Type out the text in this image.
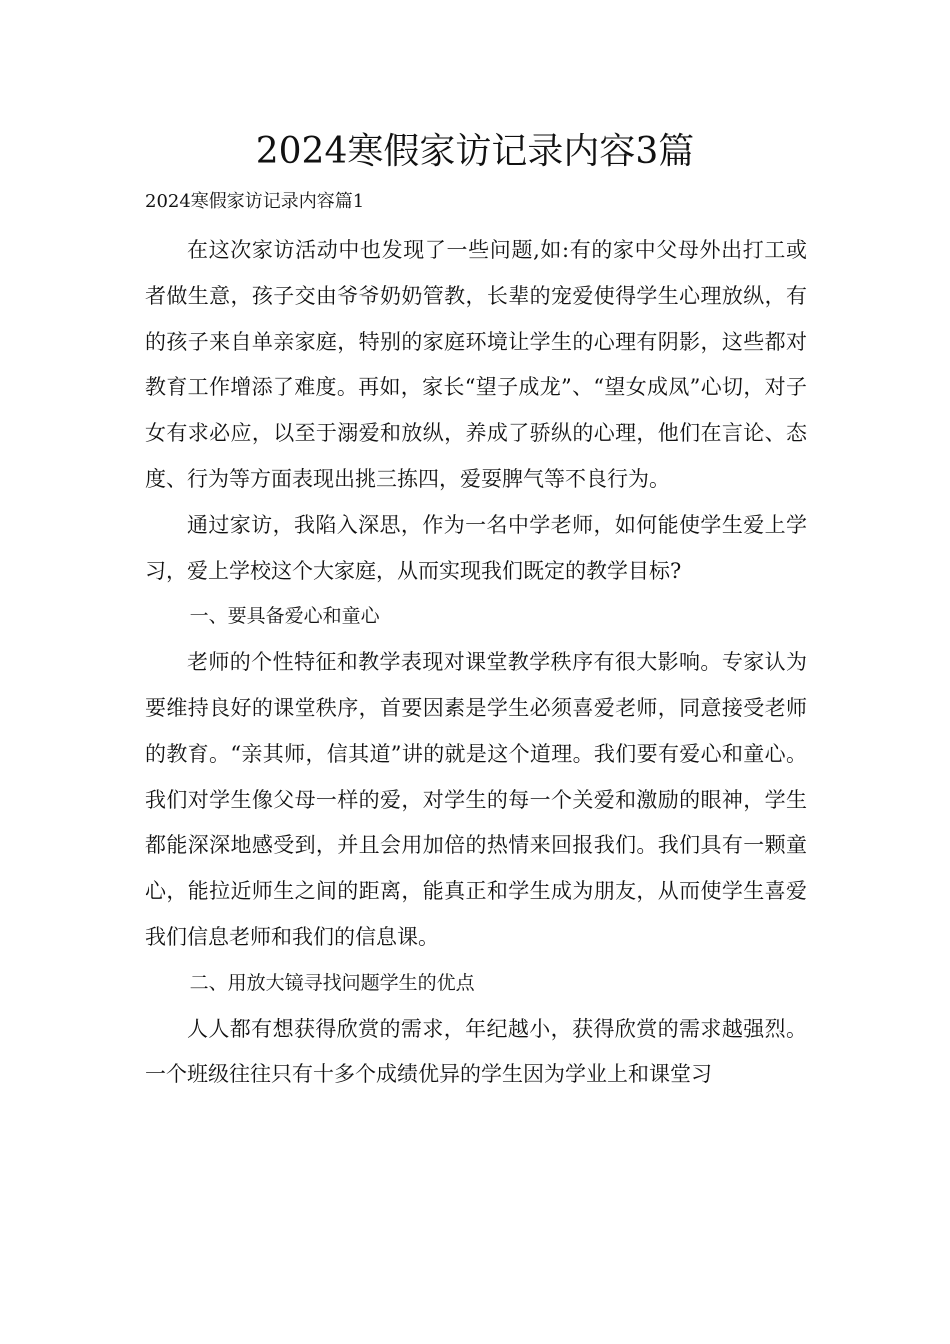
2024寒假家访记录内容3篇

2024寒假家访记录内容篇1

在这次家访活动中也发现了一些问题,如:有的家中父母外出打工或者做生意，孩子交由爷爷奶奶管教，长辈的宠爱使得学生心理放纵，有的孩子来自单亲家庭，特别的家庭环境让学生的心理有阴影，这些都对教育工作增添了难度。再如，家长“望子成龙”、“望女成凤”心切，对子女有求必应，以至于溺爱和放纵，养成了骄纵的心理，他们在言论、态度、行为等方面表现出挑三拣四，爱耍脾气等不良行为。

通过家访，我陷入深思，作为一名中学老师，如何能使学生爱上学习，爱上学校这个大家庭，从而实现我们既定的教学目标?

一、要具备爱心和童心

老师的个性特征和教学表现对课堂教学秩序有很大影响。专家认为要维持良好的课堂秩序，首要因素是学生必须喜爱老师，同意接受老师的教育。“亲其师，信其道”讲的就是这个道理。我们要有爱心和童心。我们对学生像父母一样的爱，对学生的每一个关爱和激励的眼神，学生都能深深地感受到，并且会用加倍的热情来回报我们。我们具有一颗童心，能拉近师生之间的距离，能真正和学生成为朋友，从而使学生喜爱我们信息老师和我们的信息课。

二、用放大镜寻找问题学生的优点

人人都有想获得欣赏的需求，年纪越小，获得欣赏的需求越强烈。一个班级往往只有十多个成绩优异的学生因为学业上和课堂习
